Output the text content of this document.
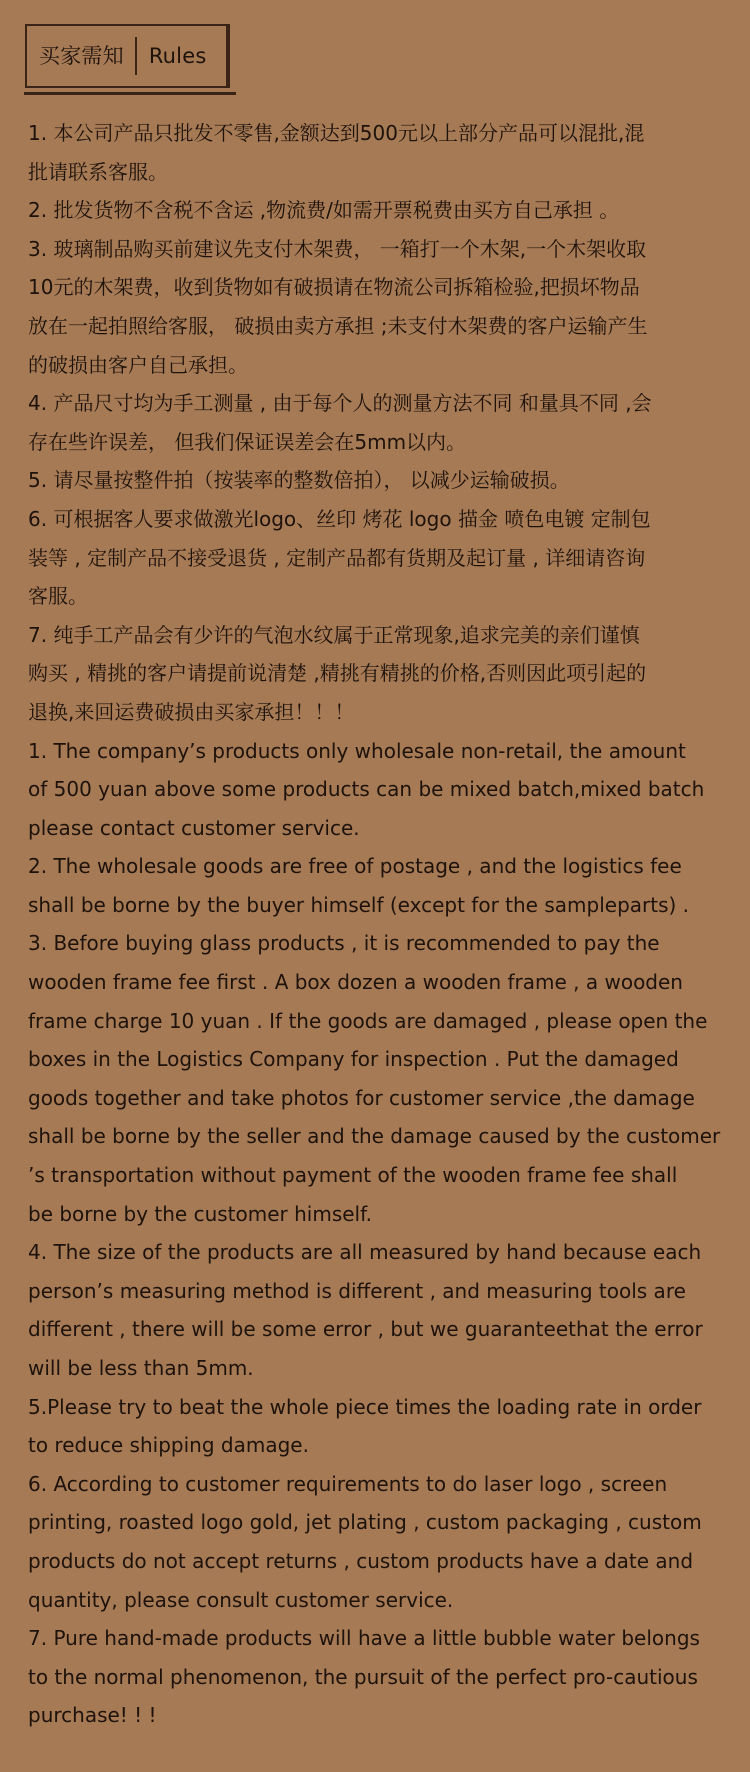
买家需知 Rules
1. 本公司产品只批发不零售,金额达到500元以上部分产品可以混批,混
批请联系客服。
2. 批发货物不含税不含运 ,物流费/如需开票税费由买方自己承担 。
3. 玻璃制品购买前建议先支付木架费， 一箱打一个木架,一个木架收取
10元的木架费，收到货物如有破损请在物流公司拆箱检验,把损坏物品
放在一起拍照给客服， 破损由卖方承担 ;未支付木架费的客户运输产生
的破损由客户自己承担。
4. 产品尺寸均为手工测量 , 由于每个人的测量方法不同 和量具不同 ,会
存在些许误差， 但我们保证误差会在5mm以内。
5. 请尽量按整件拍（按装率的整数倍拍）， 以减少运输破损。
6. 可根据客人要求做激光logo、丝印 烤花 logo 描金 喷色电镀 定制包
装等 , 定制产品不接受退货 , 定制产品都有货期及起订量 , 详细请咨询
客服。
7. 纯手工产品会有少许的气泡水纹属于正常现象,追求完美的亲们谨慎
购买 , 精挑的客户请提前说清楚 ,精挑有精挑的价格,否则因此项引起的
退换,来回运费破损由买家承担！！！
1. The company’s products only wholesale non-retail, the amount
of 500 yuan above some products can be mixed batch,mixed batch
please contact customer service.
2. The wholesale goods are free of postage , and the logistics fee
shall be borne by the buyer himself (except for the sampleparts) .
3. Before buying glass products , it is recommended to pay the
wooden frame fee first . A box dozen a wooden frame , a wooden
frame charge 10 yuan . If the goods are damaged , please open the
boxes in the Logistics Company for inspection . Put the damaged
goods together and take photos for customer service ,the damage
shall be borne by the seller and the damage caused by the customer
’s transportation without payment of the wooden frame fee shall
be borne by the customer himself.
4. The size of the products are all measured by hand because each
person’s measuring method is different , and measuring tools are
different , there will be some error , but we guaranteethat the error
will be less than 5mm.
5.Please try to beat the whole piece times the loading rate in order
to reduce shipping damage.
6. According to customer requirements to do laser logo , screen
printing, roasted logo gold, jet plating , custom packaging , custom
products do not accept returns , custom products have a date and
quantity, please consult customer service.
7. Pure hand-made products will have a little bubble water belongs
to the normal phenomenon, the pursuit of the perfect pro-cautious
purchase! ! !
